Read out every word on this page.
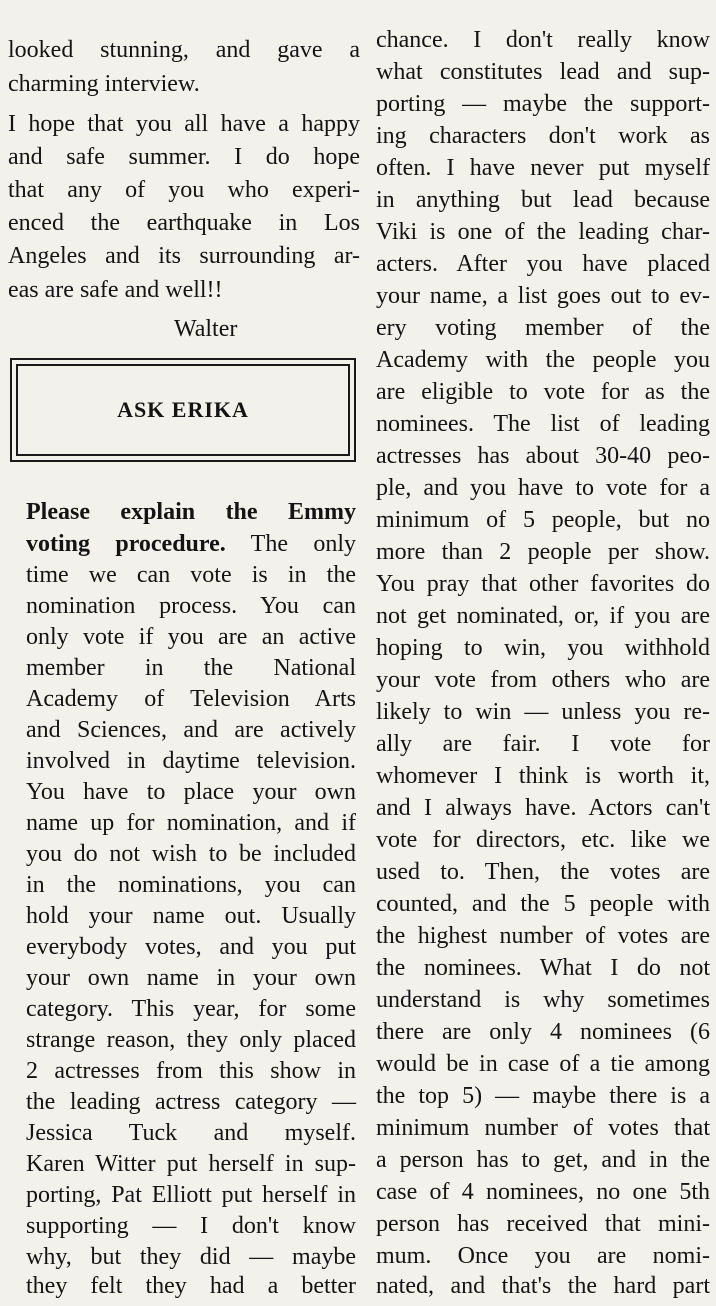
looked stunning, and gave a
charming interview.
I hope that you all have a happy
and safe summer. I do hope
that any of you who experi-
enced the earthquake in Los
Angeles and its surrounding ar-
eas are safe and well!!
Walter
ASK ERIKA
Please explain the Emmy
voting procedure. The only
time we can vote is in the
nomination process. You can
only vote if you are an active
member in the National
Academy of Television Arts
and Sciences, and are actively
involved in daytime television.
You have to place your own
name up for nomination, and if
you do not wish to be included
in the nominations, you can
hold your name out. Usually
everybody votes, and you put
your own name in your own
category. This year, for some
strange reason, they only placed
2 actresses from this show in
the leading actress category —
Jessica Tuck and myself.
Karen Witter put herself in sup-
porting, Pat Elliott put herself in
supporting — I don't know
why, but they did — maybe
they felt they had a better
chance. I don't really know
what constitutes lead and sup-
porting — maybe the support-
ing characters don't work as
often. I have never put myself
in anything but lead because
Viki is one of the leading char-
acters. After you have placed
your name, a list goes out to ev-
ery voting member of the
Academy with the people you
are eligible to vote for as the
nominees. The list of leading
actresses has about 30-40 peo-
ple, and you have to vote for a
minimum of 5 people, but no
more than 2 people per show.
You pray that other favorites do
not get nominated, or, if you are
hoping to win, you withhold
your vote from others who are
likely to win — unless you re-
ally are fair. I vote for
whomever I think is worth it,
and I always have. Actors can't
vote for directors, etc. like we
used to. Then, the votes are
counted, and the 5 people with
the highest number of votes are
the nominees. What I do not
understand is why sometimes
there are only 4 nominees (6
would be in case of a tie among
the top 5) — maybe there is a
minimum number of votes that
a person has to get, and in the
case of 4 nominees, no one 5th
person has received that mini-
mum. Once you are nomi-
nated, and that's the hard part
